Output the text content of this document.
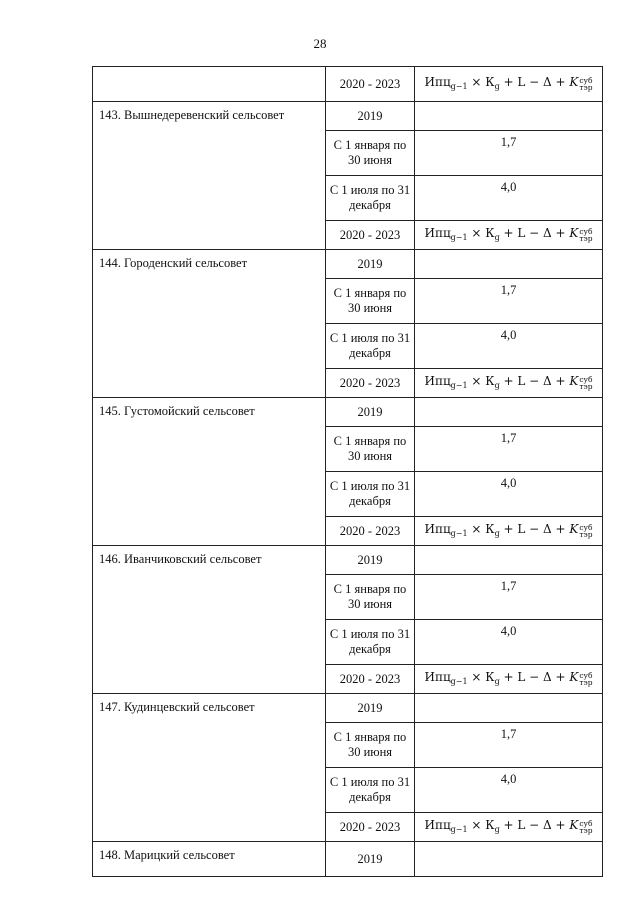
28
	2020 - 2023	$Ипц_{g-1} \times К_g + L - \Delta + K$ суб
тэр

143. Вышнедеревенский сельсовет	2019	
	С 1 января по 30 июня	1,7
	С 1 июля по 31 декабря	4,0
	2020 - 2023	$Ипц_{g-1} \times К_g + L - \Delta + K$ суб
тэр

144. Городенский сельсовет	2019	
	С 1 января по 30 июня	1,7
	С 1 июля по 31 декабря	4,0
	2020 - 2023	$Ипц_{g-1} \times К_g + L - \Delta + K$ суб
тэр

145. Густомойский сельсовет	2019	
	С 1 января по 30 июня	1,7
	С 1 июля по 31 декабря	4,0
	2020 - 2023	$Ипц_{g-1} \times К_g + L - \Delta + K$ суб
тэр

146. Иванчиковский сельсовет	2019	
	С 1 января по 30 июня	1,7
	С 1 июля по 31 декабря	4,0
	2020 - 2023	$Ипц_{g-1} \times К_g + L - \Delta + K$ суб
тэр

147. Кудинцевский сельсовет	2019	
	С 1 января по 30 июня	1,7
	С 1 июля по 31 декабря	4,0
	2020 - 2023	$Ипц_{g-1} \times К_g + L - \Delta + K$ суб
тэр

148. Марицкий сельсовет	2019	
